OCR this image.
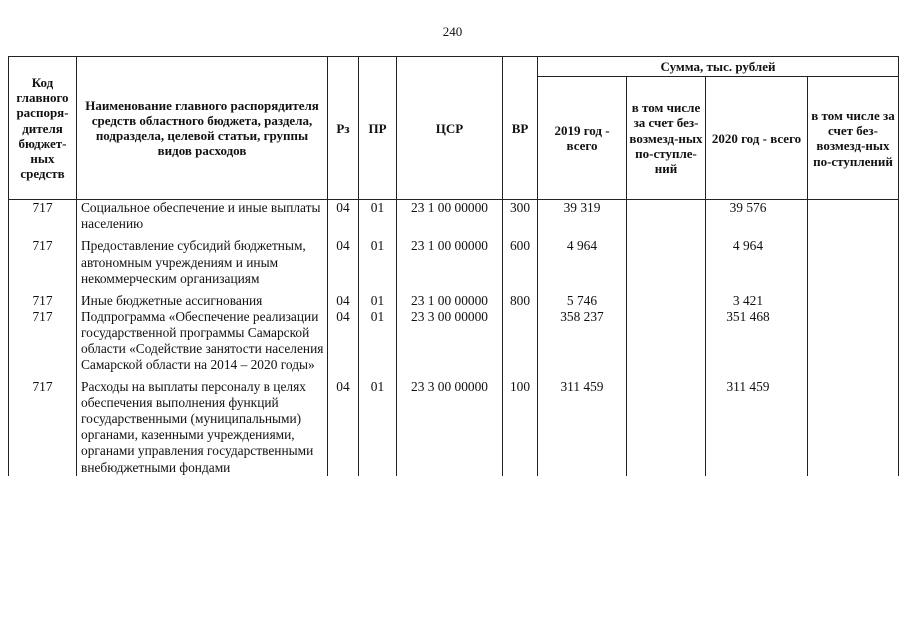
240
Код главного распоря-дителя бюджет-ных средств	Наименование главного распорядителя средств областного бюджета, раздела, подраздела, целевой статьи, группы видов расходов	Рз	ПР	ЦСР	ВР	Сумма, тыс. рублей			
						2019 год - всего	в том числе за счет без-возмезд-ных по-ступле-ний	2020 год - всего	в том числе за счет без-возмезд-ных по-ступлений
717	Социальное обеспечение и иные выплаты населению	04	01	23 1 00 00000	300	39 319		39 576	

717	Предоставление субсидий бюджетным, автономным учреждениям и иным некоммерческим организациям	04	01	23 1 00 00000	600	4 964		4 964	

717	Иные бюджетные ассигнования	04	01	23 1 00 00000	800	5 746		3 421	
717	Подпрограмма «Обеспечение реализации государственной программы Самарской области «Содействие занятости населения Самарской области на 2014 – 2020 годы»	04	01	23 3 00 00000		358 237		351 468	

717	Расходы на выплаты персоналу в целях обеспечения выполнения функций государственными (муниципальными) органами, казенными учреждениями, органами управления государственными внебюджетными фондами	04	01	23 3 00 00000	100	311 459		311 459	
